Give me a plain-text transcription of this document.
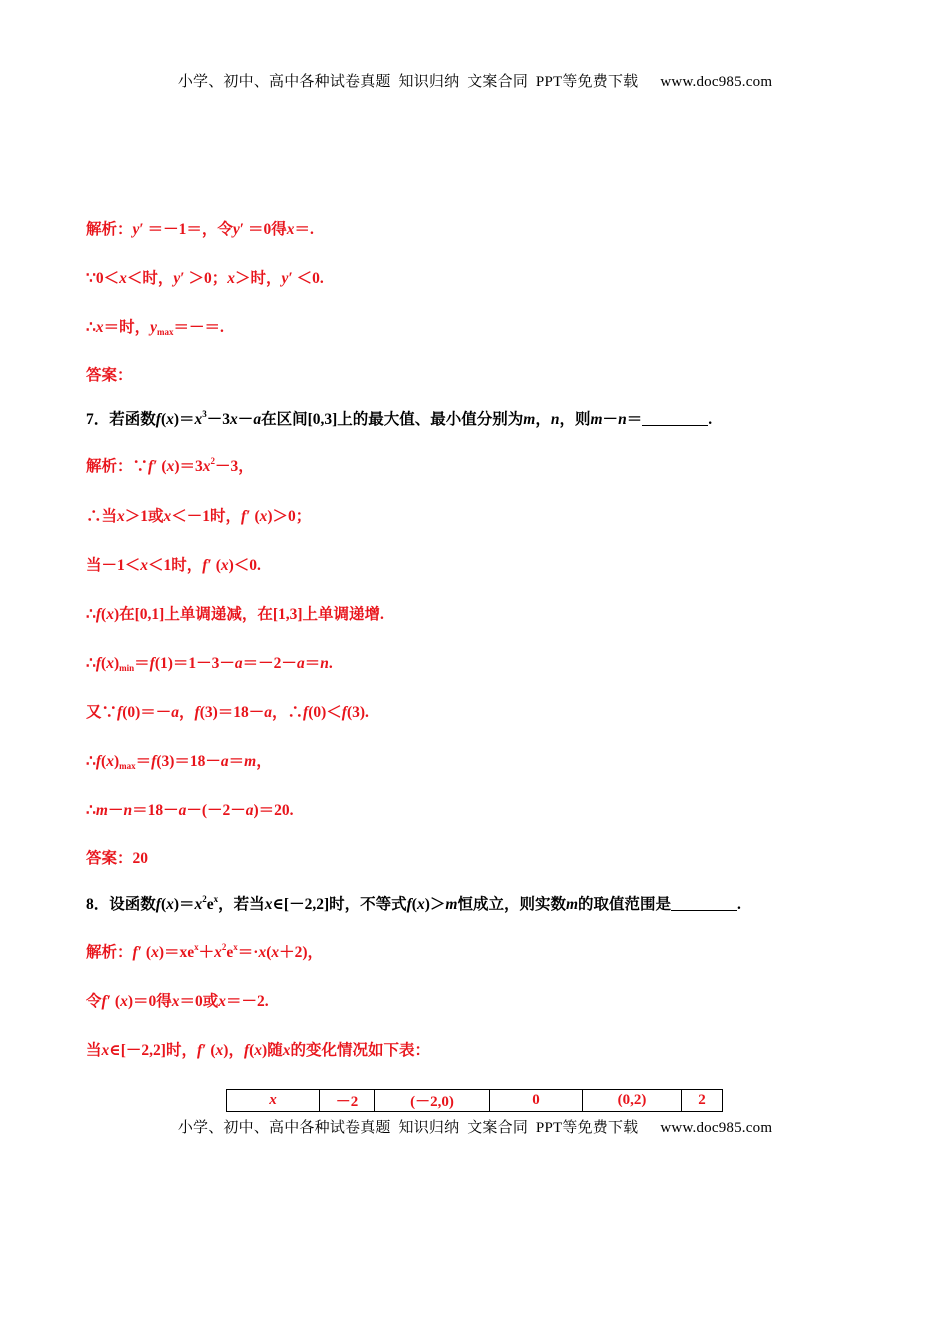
小学、初中、高中各种试卷真题  知识归纳  文案合同  PPT等免费下载 www.doc985.com
解析：y′ ＝－1＝，令y′ ＝0得x＝.
∵0＜x＜时，y′ ＞0；x＞时，y′ ＜0.
∴x＝时，$y_{max}=-=$.
答案：
7．若函数$f(x)=x^3-3x-a$在区间[0,3]上的最大值、最小值分别为m，n，则m－n＝	.
解析：∵f′ $(x)=3x^2-3$，
∴当x＞1或x＜－1时，f′ (x)＞0；
当－1＜x＜1时，f′ (x)＜0.
∴f(x)在[0,1]上单调递减，在[1,3]上单调递增.
$\therefore f(x)_{min}=f(1)=1-3-a=-2-a=n$.
又∵f(0)＝－a，f(3)＝18－a，∴f(0)＜f(3).
$\therefore f(x)_{max}=f(3)=18-a=m$，
∴m－n＝18－a－(－2－a)＝20.
答案：20
8．设函数$f(x)=x^2e^x$，若当x∈[－2,2]时，不等式f(x)＞m恒成立，则实数m的取值范围是	.
解析：f′ $(x)=xe^x+x^2e^x=\cdot x(x+2)$，
令f′ (x)＝0得x＝0或x＝－2.
当x∈[－2,2]时，f′ (x)，f(x)随x的变化情况如下表：
x	－2	(－2,0)	0	(0,2)	2
小学、初中、高中各种试卷真题  知识归纳  文案合同  PPT等免费下载 www.doc985.com
